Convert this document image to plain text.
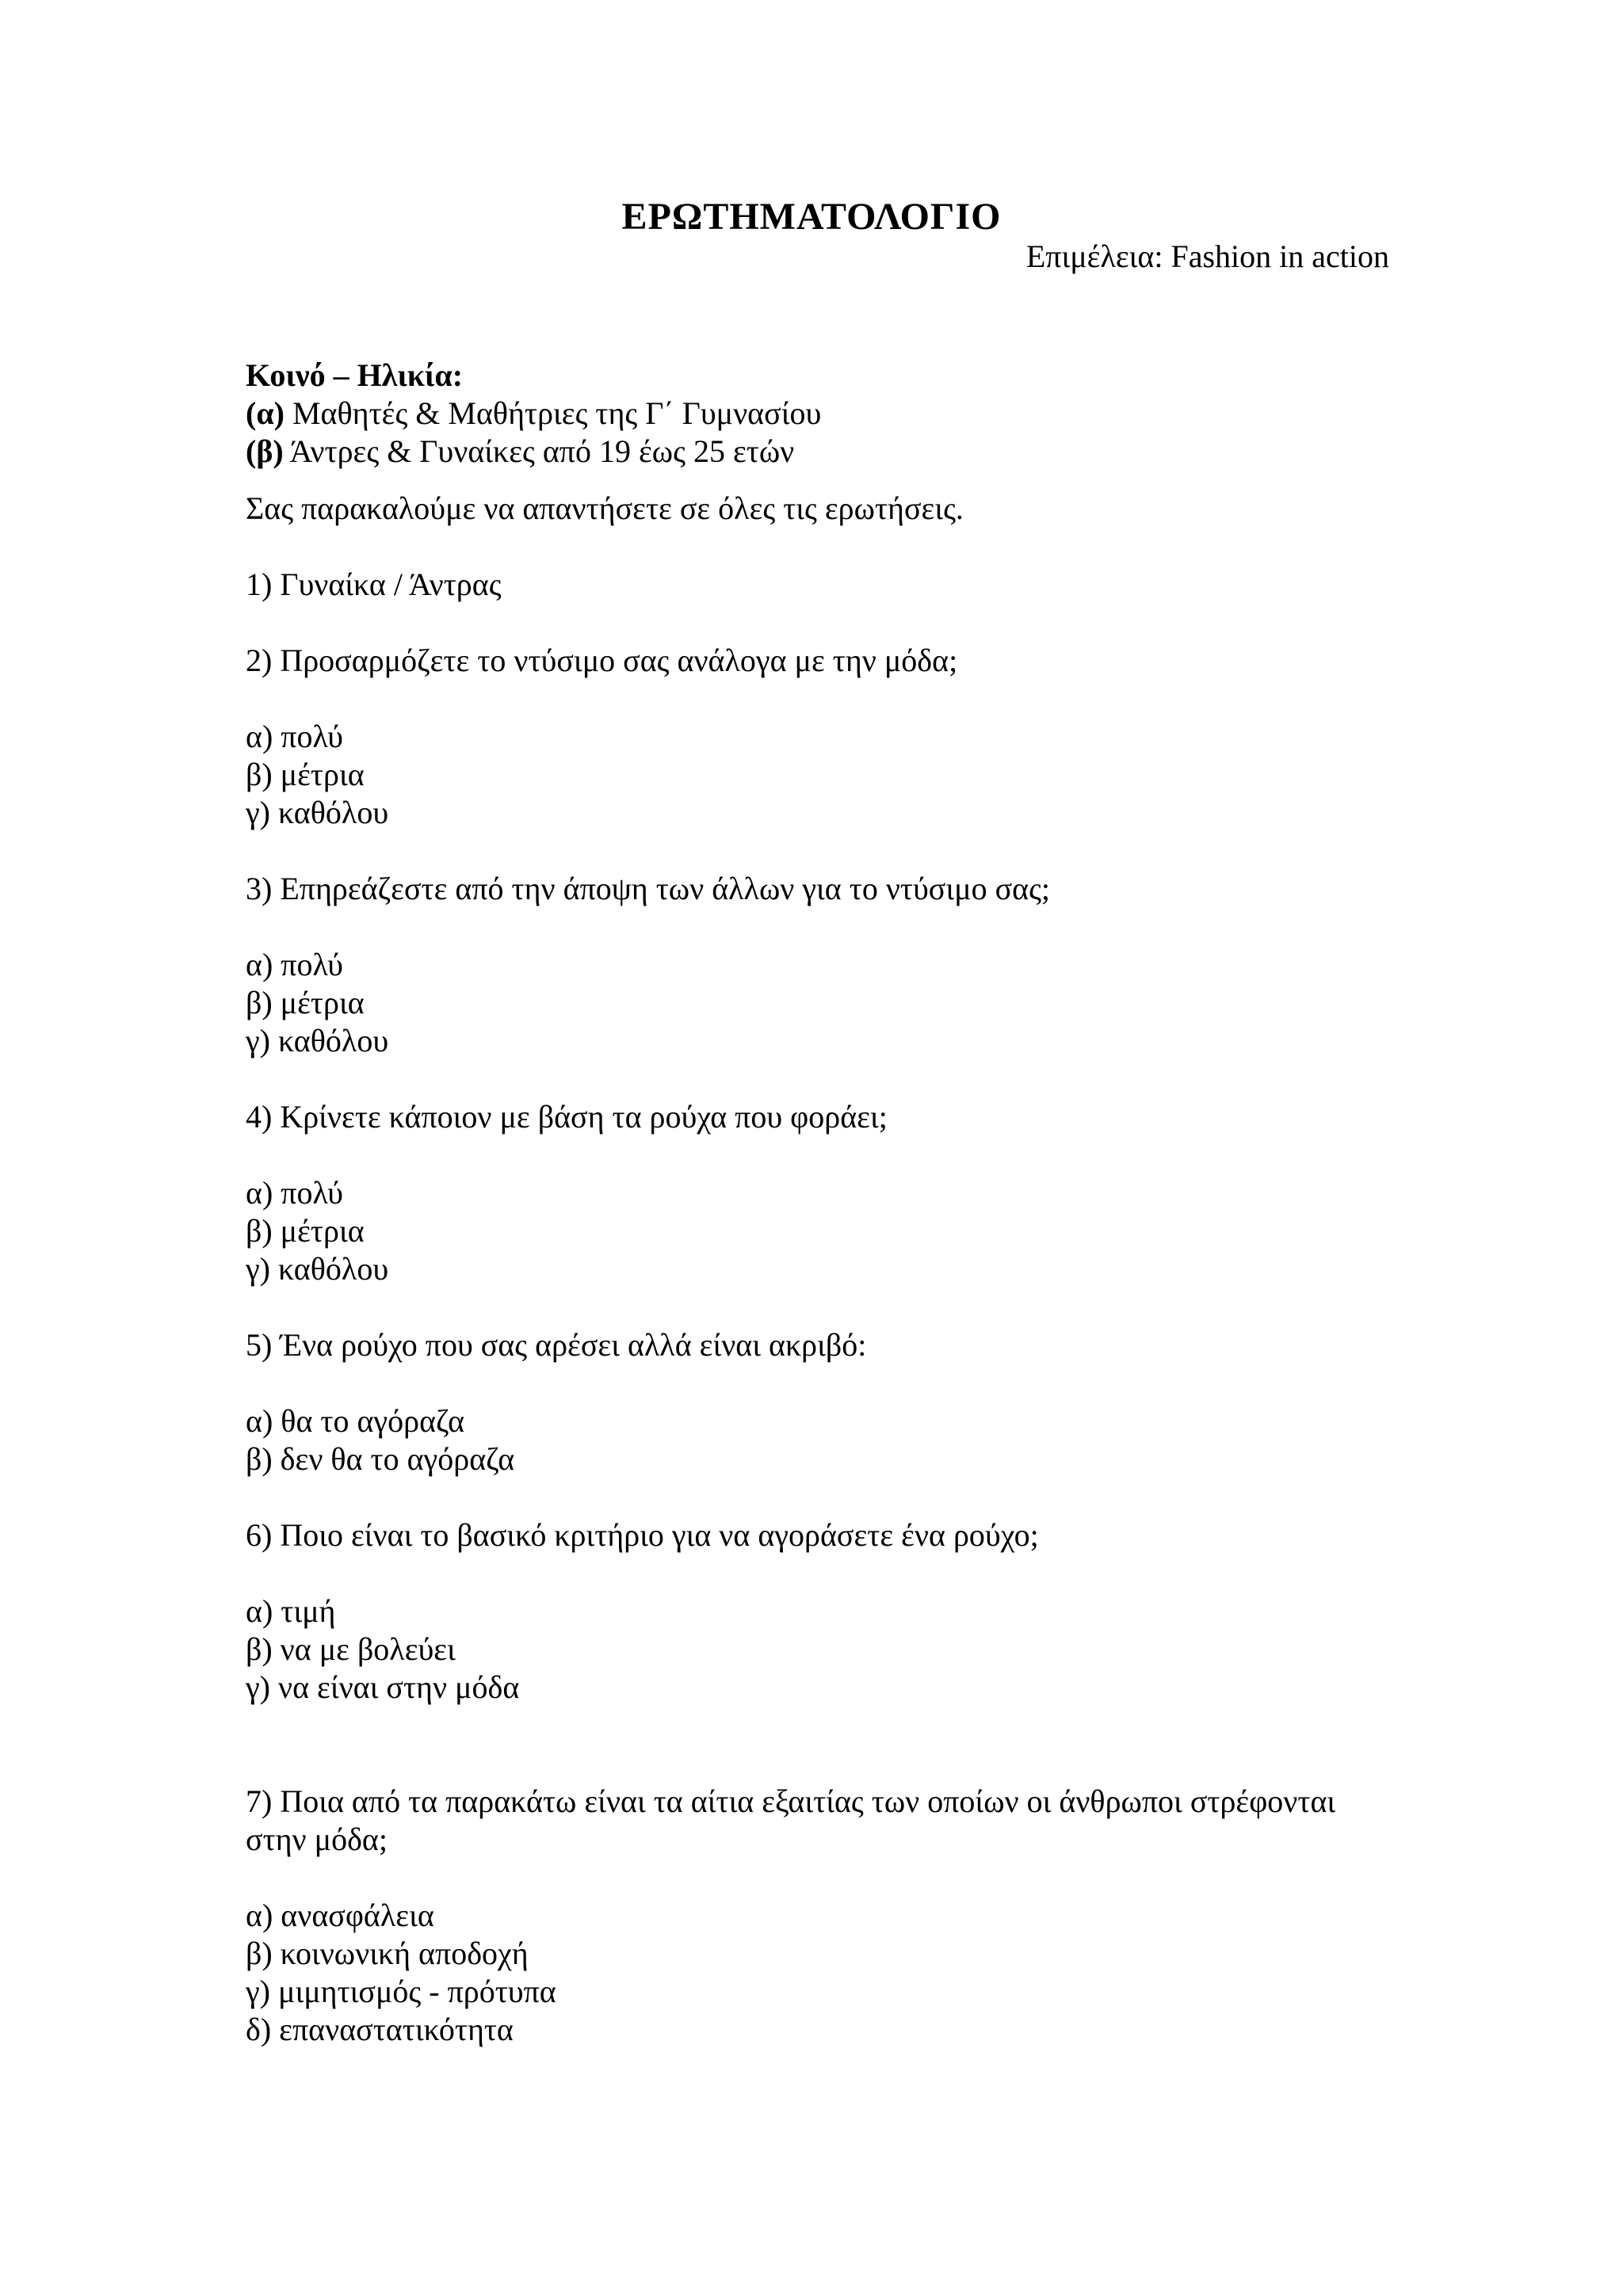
ΕΡΩΤΗΜΑΤΟΛΟΓΙΟ
Επιμέλεια: Fashion in action

Κοινό – Ηλικία:

(α) Μαθητές & Μαθήτριες της Γ΄ Γυμνασίου

(β) Άντρες & Γυναίκες από 19 έως 25 ετών

Σας παρακαλούμε να απαντήσετε σε όλες τις ερωτήσεις.

1) Γυναίκα / Άντρας

2) Προσαρμόζετε το ντύσιμο σας ανάλογα με την μόδα;

α) πολύ
β) μέτρια
γ) καθόλου

3) Επηρεάζεστε από την άποψη των άλλων για το ντύσιμο σας;

α) πολύ
β) μέτρια
γ) καθόλου

4) Κρίνετε κάποιον με βάση τα ρούχα που φοράει;

α) πολύ
β) μέτρια
γ) καθόλου

5) Ένα ρούχο που σας αρέσει αλλά είναι ακριβό:

α) θα το αγόραζα
β) δεν θα το αγόραζα

6) Ποιο είναι το βασικό κριτήριο για να αγοράσετε ένα ρούχο;

α) τιμή
β) να με βολεύει
γ) να είναι στην μόδα

7) Ποια από τα παρακάτω είναι τα αίτια εξαιτίας των οποίων οι άνθρωποι στρέφονται στην μόδα;

α) ανασφάλεια
β) κοινωνική αποδοχή
γ) μιμητισμός - πρότυπα
δ) επαναστατικότητα
